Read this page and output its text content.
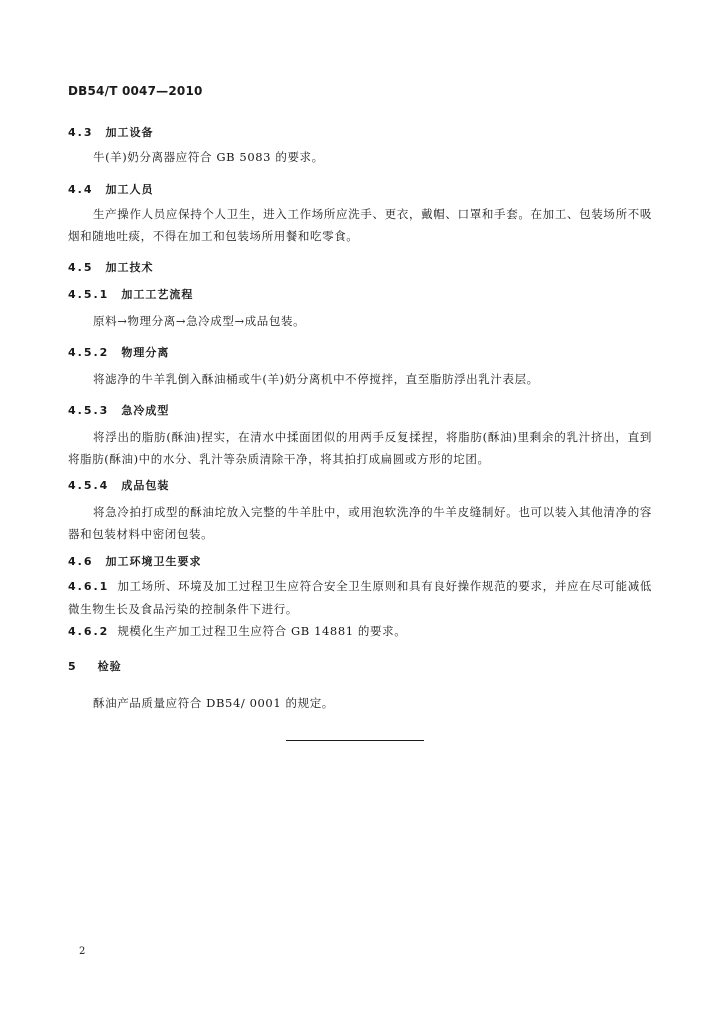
DB54/T 0047—2010
4.3 加工设备
牛(羊)奶分离器应符合 GB 5083 的要求。
4.4 加工人员
生产操作人员应保持个人卫生，进入工作场所应洗手、更衣，戴帽、口罩和手套。在加工、包装场所不吸烟和随地吐痰，不得在加工和包装场所用餐和吃零食。
4.5 加工技术
4.5.1 加工工艺流程
原料→物理分离→急冷成型→成品包装。
4.5.2 物理分离
将滤净的牛羊乳倒入酥油桶或牛(羊)奶分离机中不停搅拌，直至脂肪浮出乳汁表层。
4.5.3 急冷成型
将浮出的脂肪(酥油)捏实，在清水中揉面团似的用两手反复揉捏，将脂肪(酥油)里剩余的乳汁挤出，直到将脂肪(酥油)中的水分、乳汁等杂质清除干净，将其拍打成扁圆或方形的坨团。
4.5.4 成品包装
将急冷拍打成型的酥油坨放入完整的牛羊肚中，或用泡软洗净的牛羊皮缝制好。也可以装入其他清净的容器和包装材料中密闭包装。
4.6 加工环境卫生要求
4.6.1 加工场所、环境及加工过程卫生应符合安全卫生原则和具有良好操作规范的要求，并应在尽可能减低微生物生长及食品污染的控制条件下进行。
4.6.2 规模化生产加工过程卫生应符合 GB 14881 的要求。
5 检验
酥油产品质量应符合 DB54/ 0001 的规定。
2
